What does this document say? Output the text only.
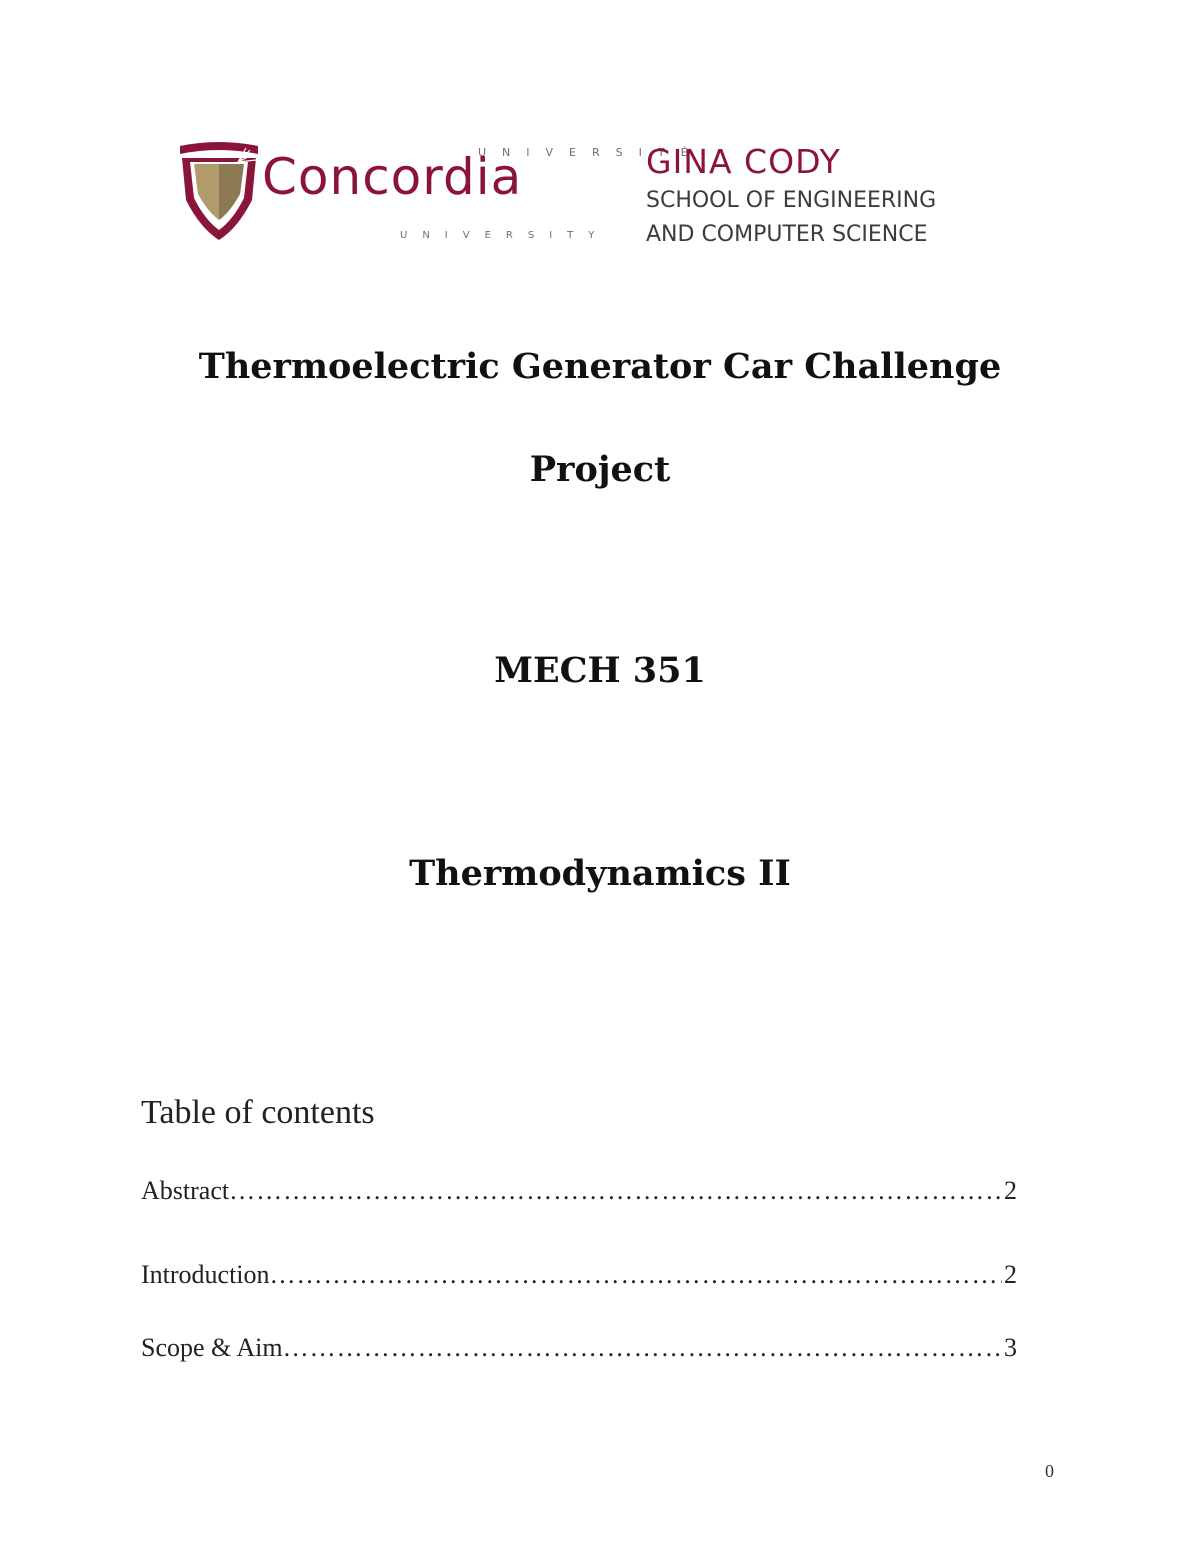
UNIVERSITÉ
Concordia
UNIVERSITY
GINA CODY
SCHOOL OF ENGINEERING
AND COMPUTER SCIENCE
Thermoelectric Generator Car Challenge
Project
MECH 351
Thermodynamics II
Table of contents
Abstract ………………………………………………………………………………………………………………	2
Introduction ………………………………………………………………………………………………………………	2
Scope & Aim ………………………………………………………………………………………………………………	3
0
